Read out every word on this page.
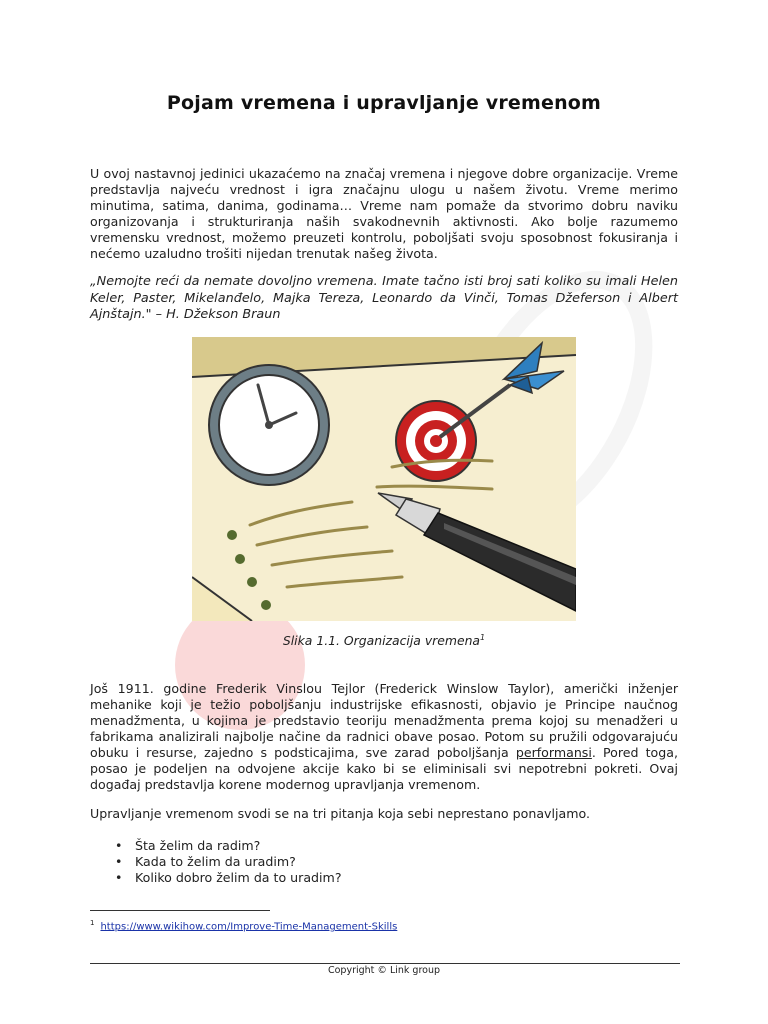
Pojam vremena i upravljanje vremenom

U ovoj nastavnoj jedinici ukazaćemo na značaj vremena i njegove dobre organizacije. Vreme predstavlja najveću vrednost i igra značajnu ulogu u našem životu. Vreme merimo minutima, satima, danima, godinama… Vreme nam pomaže da stvorimo dobru naviku organizovanja i strukturiranja naših svakodnevnih aktivnosti. Ako bolje razumemo vremensku vrednost, možemo preuzeti kontrolu, poboljšati svoju sposobnost fokusiranja i nećemo uzaludno trošiti nijedan trenutak našeg života.

„Nemojte reći da nemate dovoljno vremena. Imate tačno isti broj sati koliko su imali Helen Keler, Paster, Mikelanđelo, Majka Tereza, Leonardo da Vinči, Tomas Džeferson i Albert Ajnštajn." – H. Džekson Braun

Slika 1.1. Organizacija vremena$^1$

Još 1911. godine Frederik Vinslou Tejlor (Frederick Winslow Taylor), američki inženjer mehanike koji je težio poboljšanju industrijske efikasnosti, objavio je Principe naučnog menadžmenta, u kojima je predstavio teoriju menadžmenta prema kojoj su menadžeri u fabrikama analizirali najbolje načine da radnici obave posao. Potom su pružili odgovarajuću obuku i resurse, zajedno s podsticajima, sve zarad poboljšanja performansi. Pored toga, posao je podeljen na odvojene akcije kako bi se eliminisali svi nepotrebni pokreti. Ovaj događaj predstavlja korene modernog upravljanja vremenom.

Upravljanje vremenom svodi se na tri pitanja koja sebi neprestano ponavljamo.

• Šta želim da radim?
• Kada to želim da uradim?
• Koliko dobro želim da to uradim?
$^1$ https://www.wikihow.com/Improve-Time-Management-Skills
Copyright © Link group
